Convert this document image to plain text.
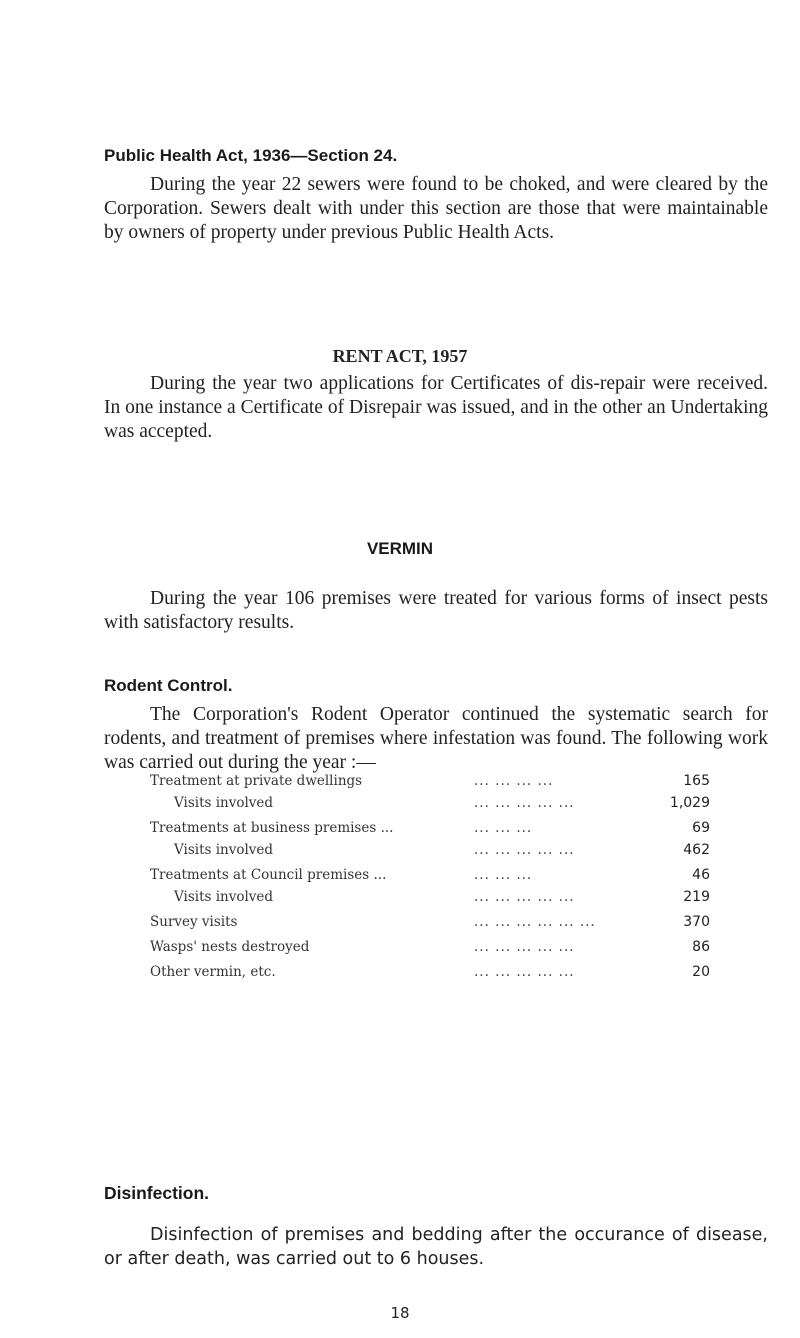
Public Health Act, 1936—Section 24.

During the year 22 sewers were found to be choked, and were cleared by the Corporation. Sewers dealt with under this section are those that were maintainable by owners of property under previous Public Health Acts.

RENT ACT, 1957

During the year two applications for Certificates of dis-repair were received. In one instance a Certificate of Disrepair was issued, and in the other an Undertaking was accepted.

VERMIN

During the year 106 premises were treated for various forms of insect pests with satisfactory results.

Rodent Control.

The Corporation's Rodent Operator continued the systematic search for rodents, and treatment of premises where infestation was found. The following work was carried out during the year :—

Treatment at private dwellings	... ... ... ...	165
Visits involved	... ... ... ... ...	1,029
Treatments at business premises ...	... ... ...	69
Visits involved	... ... ... ... ...	462
Treatments at Council premises ...	... ... ...	46
Visits involved	... ... ... ... ...	219
Survey visits	... ... ... ... ... ...	370
Wasps' nests destroyed	... ... ... ... ...	86
Other vermin, etc.	... ... ... ... ...	20
Disinfection.

Disinfection of premises and bedding after the occurance of disease, or after death, was carried out to 6 houses.

18
